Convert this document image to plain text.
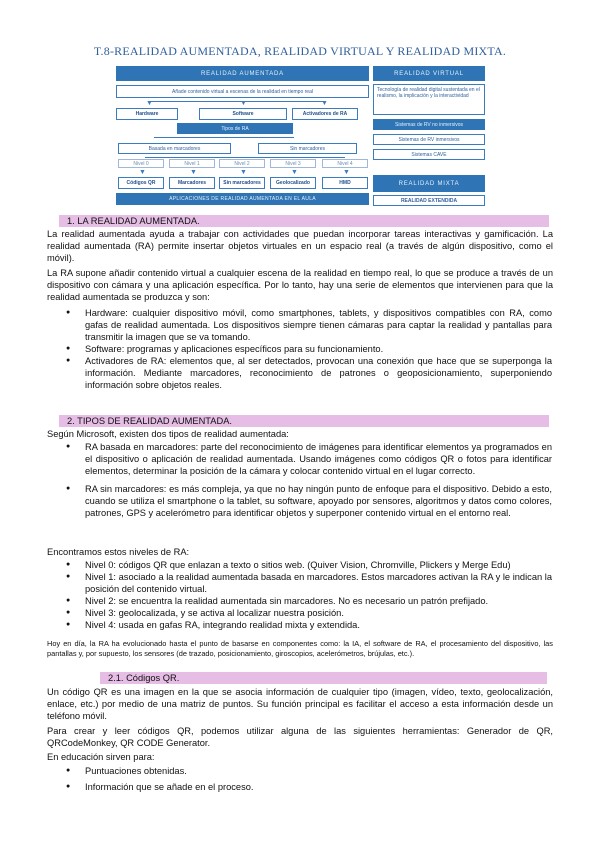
T.8-REALIDAD AUMENTADA, REALIDAD VIRTUAL Y REALIDAD MIXTA.
REALIDAD AUMENTADA
Añade contenido virtual a escenas de la realidad en tiempo real
▼	▼	▼
Hardware	Software	Activadores de RA
Tipos de RA
Basada en marcadores	Sin marcadores
Nivel 0	Nivel 1	Nivel 2	Nivel 3	Nivel 4
▼	▼	▼	▼	▼
Códigos QR	Marcadores	Sin marcadores	Geolocalizado	HMD
APLICACIONES DE REALIDAD AUMENTADA EN EL AULA
REALIDAD VIRTUAL
Tecnología de realidad digital sustentada en el realismo, la implicación y la interactividad
Sistemas de RV no inmersivos
Sistemas de RV inmersivos
Sistemas CAVE
REALIDAD MIXTA
REALIDAD EXTENDIDA
1. LA REALIDAD AUMENTADA.
La realidad aumentada ayuda a trabajar con actividades que puedan incorporar tareas interactivas y gamificación. La realidad aumentada (RA) permite insertar objetos virtuales en un espacio real (a través de algún dispositivo, como el móvil).
La RA supone añadir contenido virtual a cualquier escena de la realidad en tiempo real, lo que se produce a través de un dispositivo con cámara y una aplicación específica. Por lo tanto, hay una serie de elementos que intervienen para que la realidad aumentada se produzca y son:
● Hardware: cualquier dispositivo móvil, como smartphones, tablets, y dispositivos compatibles con RA, como gafas de realidad aumentada. Los dispositivos siempre tienen cámaras para captar la realidad y pantallas para transmitir la imagen que se va tomando.
● Software: programas y aplicaciones específicos para su funcionamiento.
● Activadores de RA: elementos que, al ser detectados, provocan una conexión que hace que se superponga la información. Mediante marcadores, reconocimiento de patrones o geoposicionamiento, superponiendo información sobre objetos reales.
2. TIPOS DE REALIDAD AUMENTADA.
Según Microsoft, existen dos tipos de realidad aumentada:
● RA basada en marcadores: parte del reconocimiento de imágenes para identificar elementos ya programados en el dispositivo o aplicación de realidad aumentada. Usando imágenes como códigos QR o fotos para identificar elementos, determinar la posición de la cámara y colocar contenido virtual en el lugar correcto.
● RA sin marcadores: es más compleja, ya que no hay ningún punto de enfoque para el dispositivo. Debido a esto, cuando se utiliza el smartphone o la tablet, su software, apoyado por sensores, algoritmos y datos como colores, patrones, GPS y acelerómetro para identificar objetos y superponer contenido virtual en el entorno real.
Encontramos estos niveles de RA:
● Nivel 0: códigos QR que enlazan a texto o sitios web. (Quiver Vision, Chromville, Plickers y Merge Edu)
● Nivel 1: asociado a la realidad aumentada basada en marcadores. Estos marcadores activan la RA y le indican la posición del contenido virtual.
● Nivel 2: se encuentra la realidad aumentada sin marcadores. No es necesario un patrón prefijado.
● Nivel 3: geolocalizada, y se activa al localizar nuestra posición.
● Nivel 4: usada en gafas RA, integrando realidad mixta y extendida.
Hoy en día, la RA ha evolucionado hasta el punto de basarse en componentes como: la IA, el software de RA, el procesamiento del dispositivo, las pantallas y, por supuesto, los sensores (de trazado, posicionamiento, giroscopios, acelerómetros, brújulas, etc.).
2.1. Códigos QR.
Un código QR es una imagen en la que se asocia información de cualquier tipo (imagen, vídeo, texto, geolocalización, enlace, etc.) por medio de una matriz de puntos. Su función principal es facilitar el acceso a esta información desde un teléfono móvil.
Para crear y leer códigos QR, podemos utilizar alguna de las siguientes herramientas: Generador de QR, QRCodeMonkey, QR CODE Generator.
En educación sirven para:
● Puntuaciones obtenidas.
● Información que se añade en el proceso.
